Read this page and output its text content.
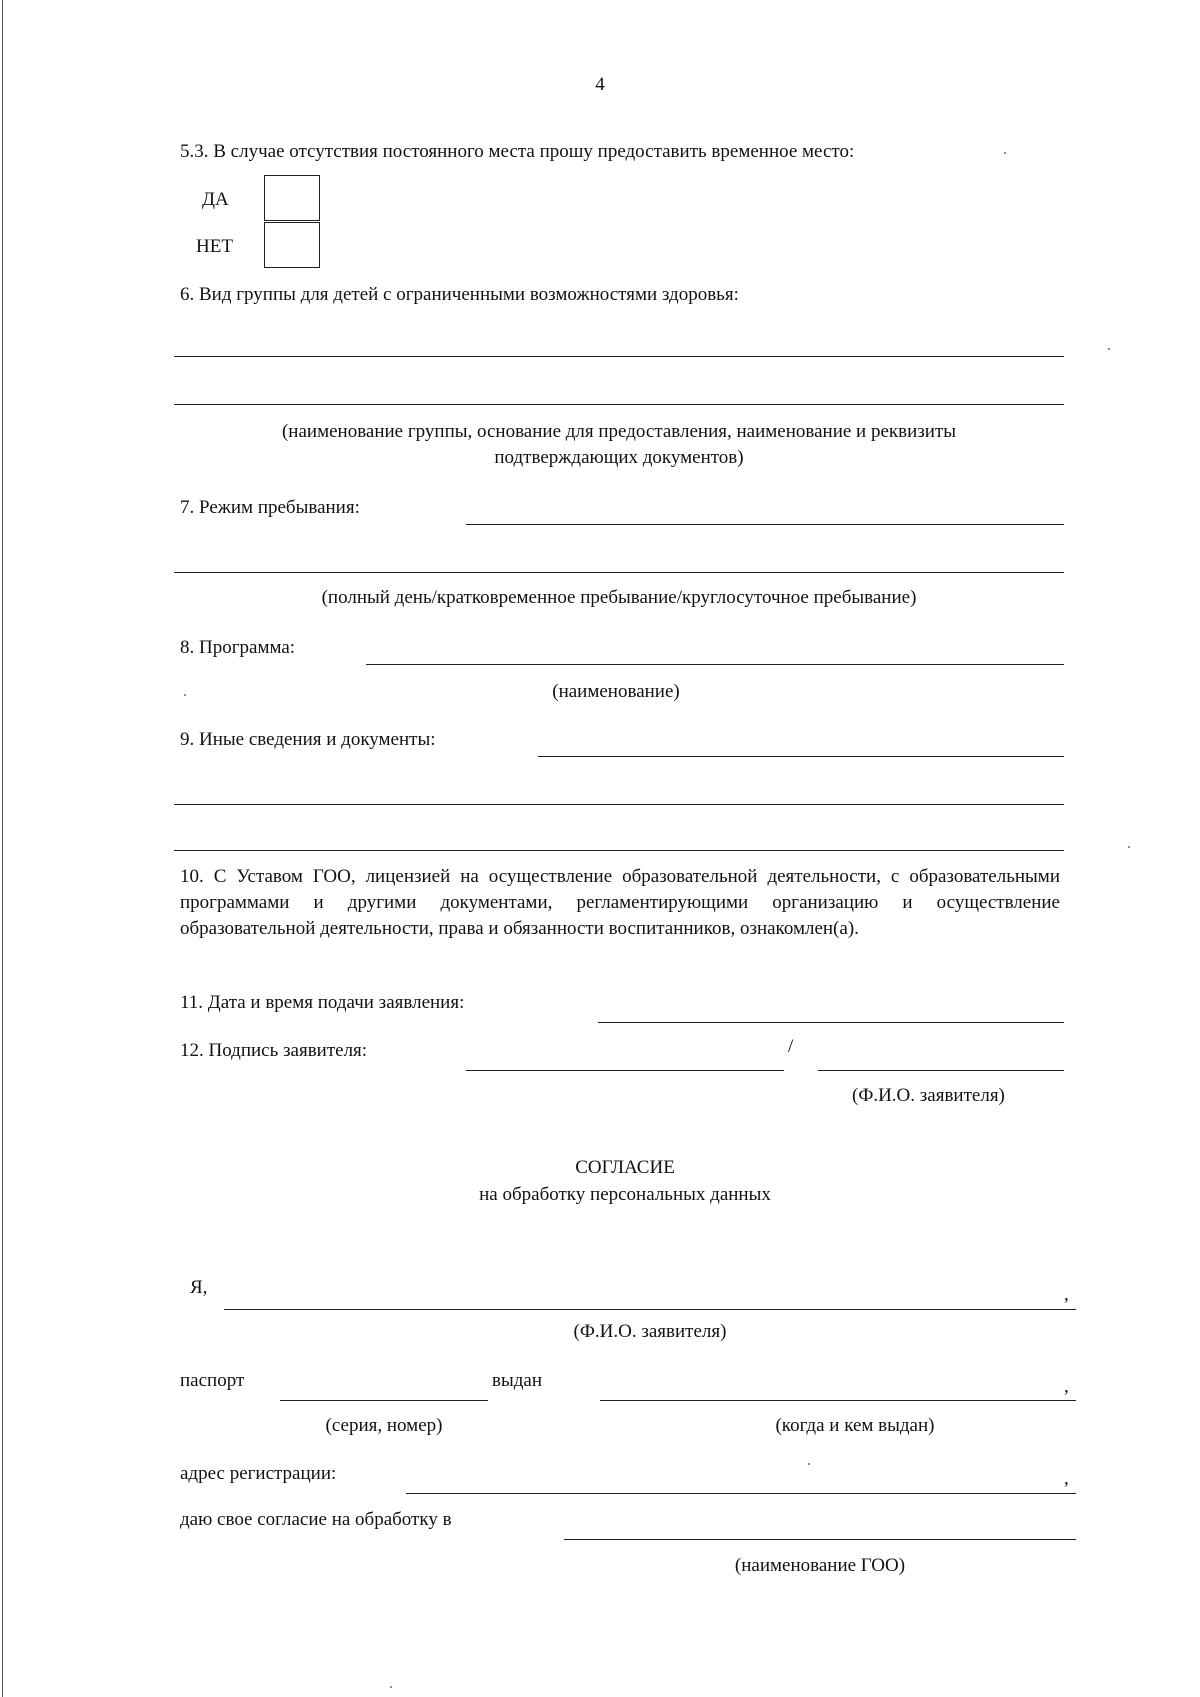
4
5.3. В случае отсутствия постоянного места прошу предоставить временное место:
ДА
НЕТ
6. Вид группы для детей с ограниченными возможностями здоровья:
(наименование группы, основание для предоставления, наименование и реквизиты
подтверждающих документов)
7. Режим пребывания:
(полный день/кратковременное пребывание/круглосуточное пребывание)
8. Программа:
(наименование)
9. Иные сведения и документы:
10. С Уставом ГОО, лицензией на осуществление образовательной деятельности, с образовательными программами и другими документами, регламентирующими организацию и осуществление образовательной деятельности, права и обязанности воспитанников, ознакомлен(а).
11. Дата и время подачи заявления:
12. Подпись заявителя:	/
(Ф.И.О. заявителя)
СОГЛАСИЕ
на обработку персональных данных
Я,	,
(Ф.И.О. заявителя)
паспорт	выдан	,
(серия, номер)	(когда и кем выдан)
адрес регистрации:	,
даю свое согласие на обработку в
(наименование ГОО)
